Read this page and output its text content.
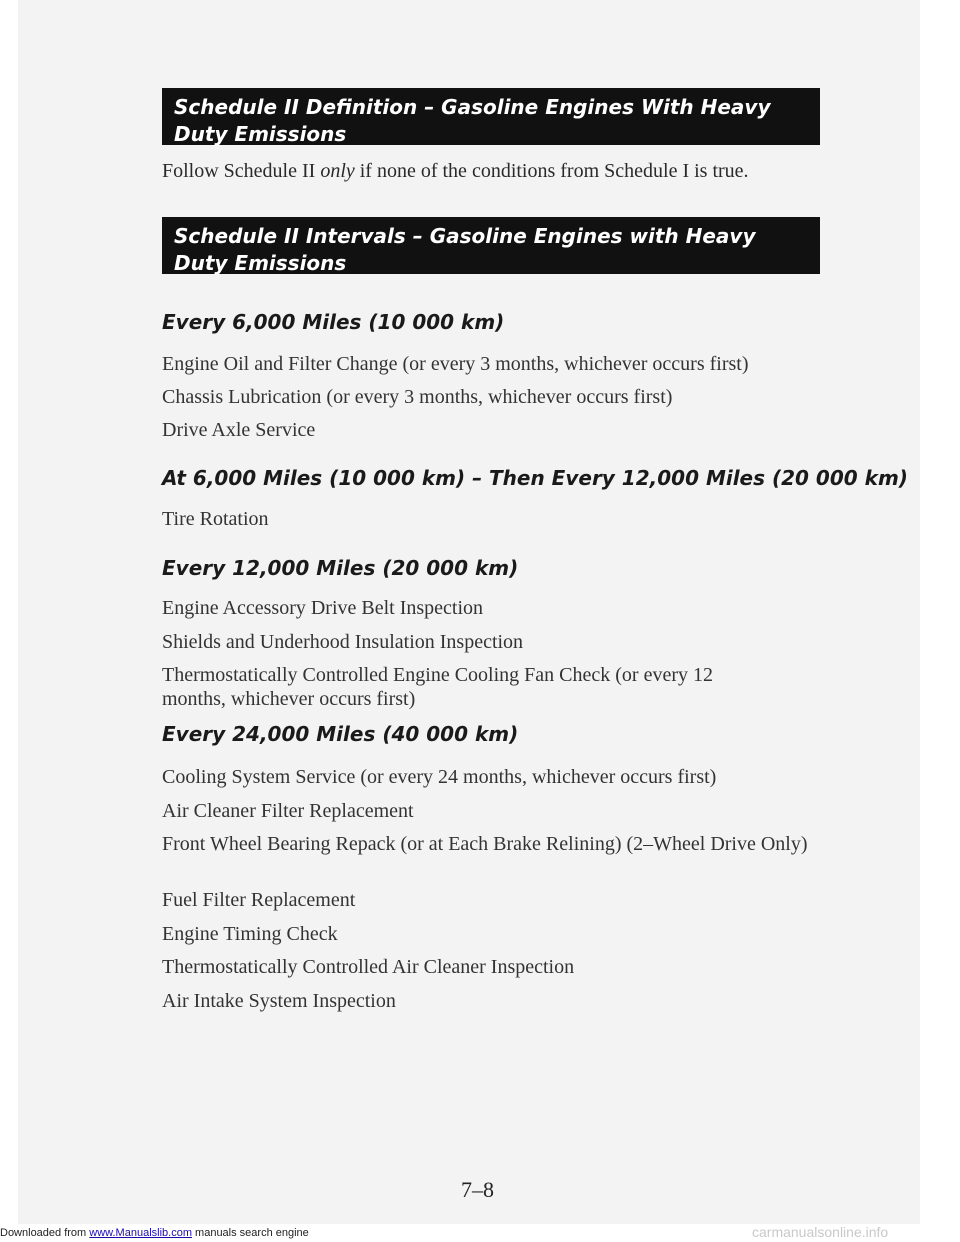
Schedule II Definition – Gasoline Engines With Heavy Duty Emissions
Follow Schedule II only if none of the conditions from Schedule I is true.
Schedule II Intervals – Gasoline Engines with Heavy Duty Emissions
Every 6,000 Miles (10 000 km)
Engine Oil and Filter Change (or every 3 months, whichever occurs first)
Chassis Lubrication (or every 3 months, whichever occurs first)
Drive Axle Service
At 6,000 Miles (10 000 km) – Then Every 12,000 Miles (20 000 km)
Tire Rotation
Every 12,000 Miles (20 000 km)
Engine Accessory Drive Belt Inspection
Shields and Underhood Insulation Inspection
Thermostatically Controlled Engine Cooling Fan Check (or every 12 months, whichever occurs first)
Every 24,000 Miles (40 000 km)
Cooling System Service (or every 24 months, whichever occurs first)
Air Cleaner Filter Replacement
Front Wheel Bearing Repack (or at Each Brake Relining) (2–Wheel Drive Only)
Fuel Filter Replacement
Engine Timing Check
Thermostatically Controlled Air Cleaner Inspection
Air Intake System Inspection
7–8
Downloaded from www.Manualslib.com manuals search engine	carmanualsonline.info
